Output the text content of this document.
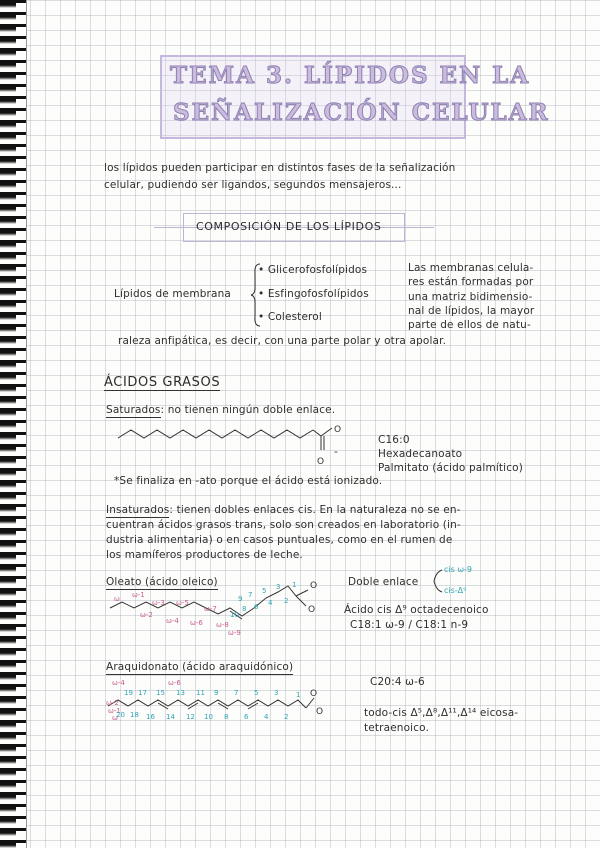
TEMA 3. LÍPIDOS EN LA
SEÑALIZACIÓN CELULAR
los lípidos pueden participar en distintos fases de la señalización
celular, pudiendo ser ligandos, segundos mensajeros...
COMPOSICIÓN DE LOS LÍPIDOS
Lípidos de membrana
• Glicerofosfolípidos
• Esfingofosfolípidos
• Colesterol
Las membranas celula-
res están formadas por
una matriz bidimensio-
nal de lípidos, la mayor
parte de ellos de natu-
raleza anfipática, es decir, con una parte polar y otra apolar.
ÁCIDOS GRASOS
Saturados: no tienen ningún doble enlace.
O
O
-
C16:0
Hexadecanoato
Palmitato (ácido palmítico)
*Se finaliza en -ato porque el ácido está ionizado.
Insaturados: tienen dobles enlaces cis. En la naturaleza no se en-
cuentran ácidos grasos trans, solo son creados en laboratorio (in-
dustria alimentaria) o en casos puntuales, como en el rumen de
los mamíferos productores de leche.
Oleato (ácido oleico)	O
O
ω ω-1
ω-2
ω-3
ω-4
ω-5
ω-6
ω-7
ω-8
ω-9
1
2
3
4
5
6
7
8
9
10
Doble enlace
cis ω-9
cis-Δ⁹
Ácido cis Δ⁹ octadecenoico
C18:1 ω-9 / C18:1 n-9
Araquidonato (ácido araquidónico)
O
O
ω-4	ω-6
ω-2
ω-1
ω
20
19
18
17
16
15
14
13
12
11
10
9
8
7
6
5
4
3
2
1
C20:4 ω-6
todo-cis Δ⁵,Δ⁸,Δ¹¹,Δ¹⁴ eicosa-
tetraenoico.
